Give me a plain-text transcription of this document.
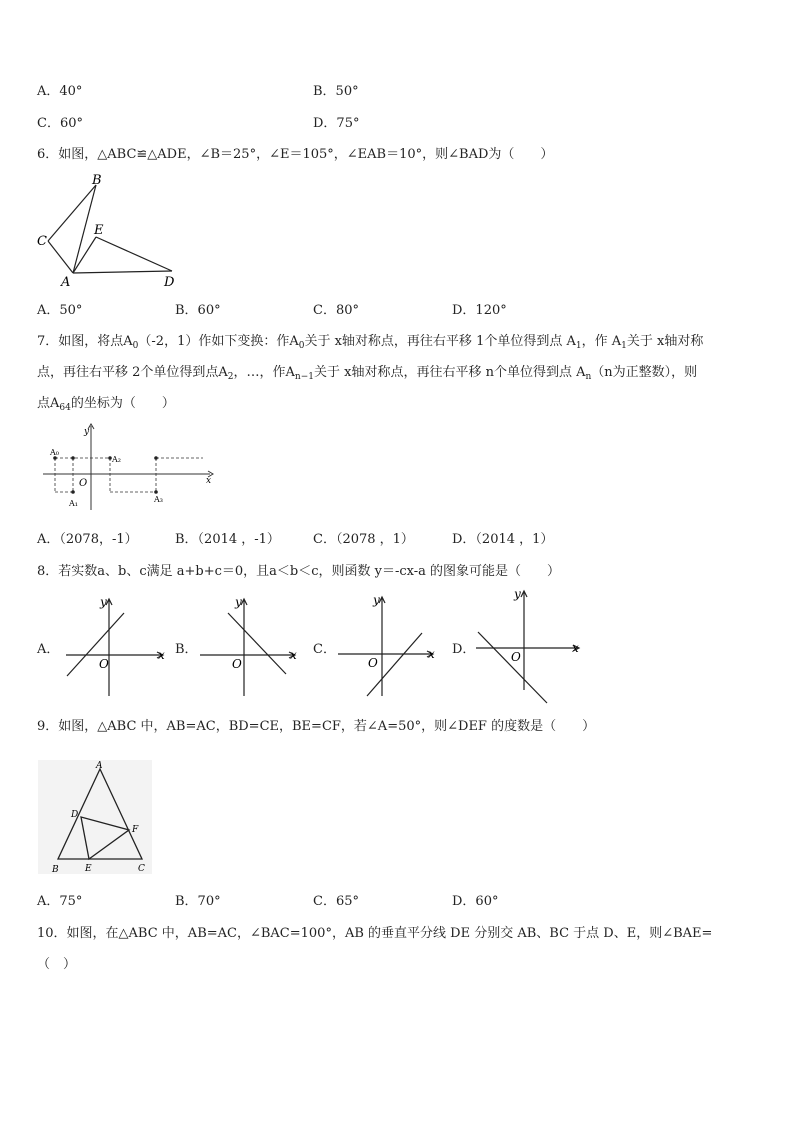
A．40°	B．50°
C．60°	D．75°
6．如图，△ABC≌△ADE，∠B＝25°，∠E＝105°，∠EAB＝10°，则∠BAD为（　　）
B
C
E
A	D
A．50°	B．60°	C．80°	D．120°
7．如图，将点$A_0(-2$，1）作如下变换：作$A_0$关于 x轴对称点，再往右平移 1个单位得到点 $A_1$，作 $A_1$关于 x轴对称
点，再往右平移 2个单位得到点$A_2$，…，作$A_{n-1}$关于 x轴对称点，再往右平移 n个单位得到点 $A_n(n$为正整数），则
点$A_{64}$的坐标为（　　）
y
x
O
A₀
A₁
A₂
A₃
A．（2078，-1）	B．（2014 ，-1）	C．（2078 ，1）	D．（2014 ，1）
8．若实数a、b、c满足 a+b+c＝0，且a＜b＜c，则函数 y＝-cx-a 的图象可能是（　　）
A．
y
x
O
B．
y
x
O
C．
y
x
O
D．
y
x
O
9．如图，△ABC 中，AB=AC，BD=CE，BE=CF，若∠A=50°，则∠DEF 的度数是（　　）
A
D
F
B	E	C
A．75°	B．70°	C．65°	D．60°
10．如图，在△ABC 中，AB=AC，∠BAC=100°，AB 的垂直平分线 DE 分别交 AB、BC 于点 D、E，则∠BAE=
（　）
